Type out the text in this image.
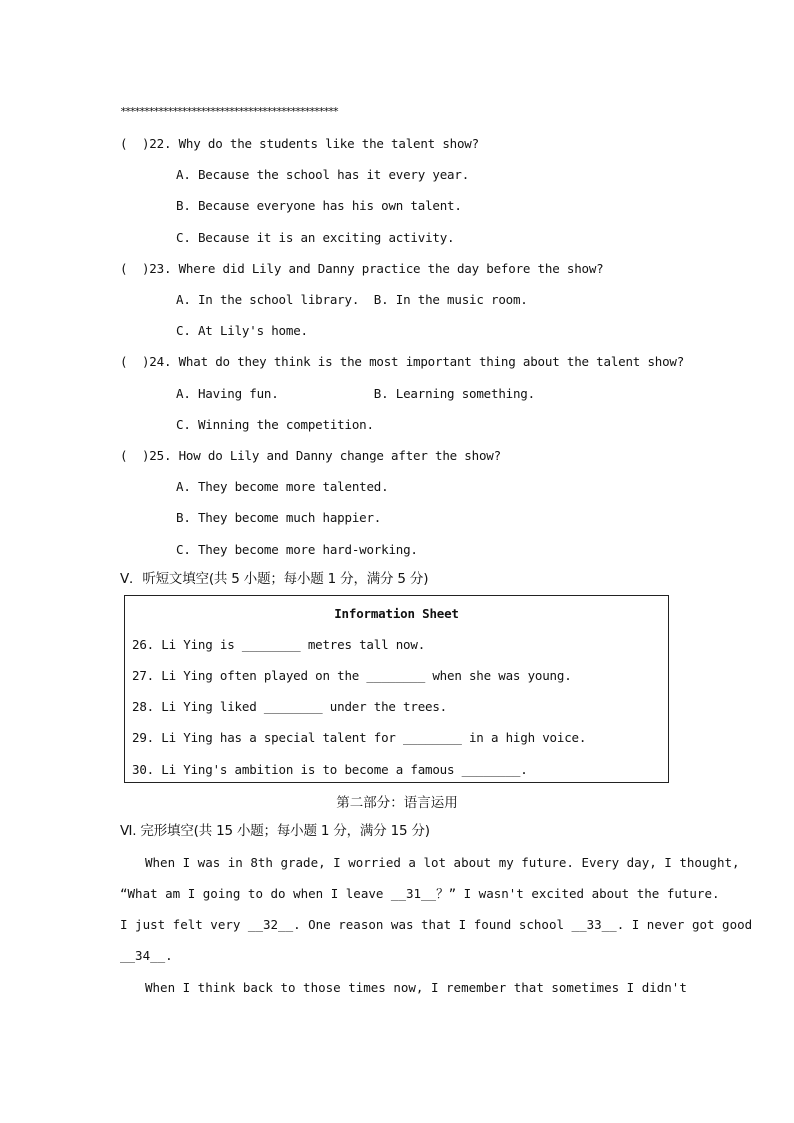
**********************************************
(  )22. Why do the students like the talent show?
A. Because the school has it every year.
B. Because everyone has his own talent.
C. Because it is an exciting activity.
(  )23. Where did Lily and Danny practice the day before the show?
A. In the school library.  B. In the music room.
C. At Lily's home.
(  )24. What do they think is the most important thing about the talent show?
A. Having fun.             B. Learning something.
C. Winning the competition.
(  )25. How do Lily and Danny change after the show?
A. They become more talented.
B. They become much happier.
C. They become more hard-working.
V．听短文填空(共 5 小题；每小题 1 分，满分 5 分)
Information Sheet
26. Li Ying is ________ metres tall now.
27. Li Ying often played on the ________ when she was young.
28. Li Ying liked ________ under the trees.
29. Li Ying has a special talent for ________ in a high voice.
30. Li Ying's ambition is to become a famous ________.
第二部分：语言运用
Ⅵ. 完形填空(共 15 小题；每小题 1 分，满分 15 分)
When I was in 8th grade, I worried a lot about my future. Every day, I thought,
“What am I going to do when I leave __31__？” I wasn't excited about the future.
I just felt very __32__. One reason was that I found school __33__. I never got good
__34__.
When I think back to those times now, I remember that sometimes I didn't
